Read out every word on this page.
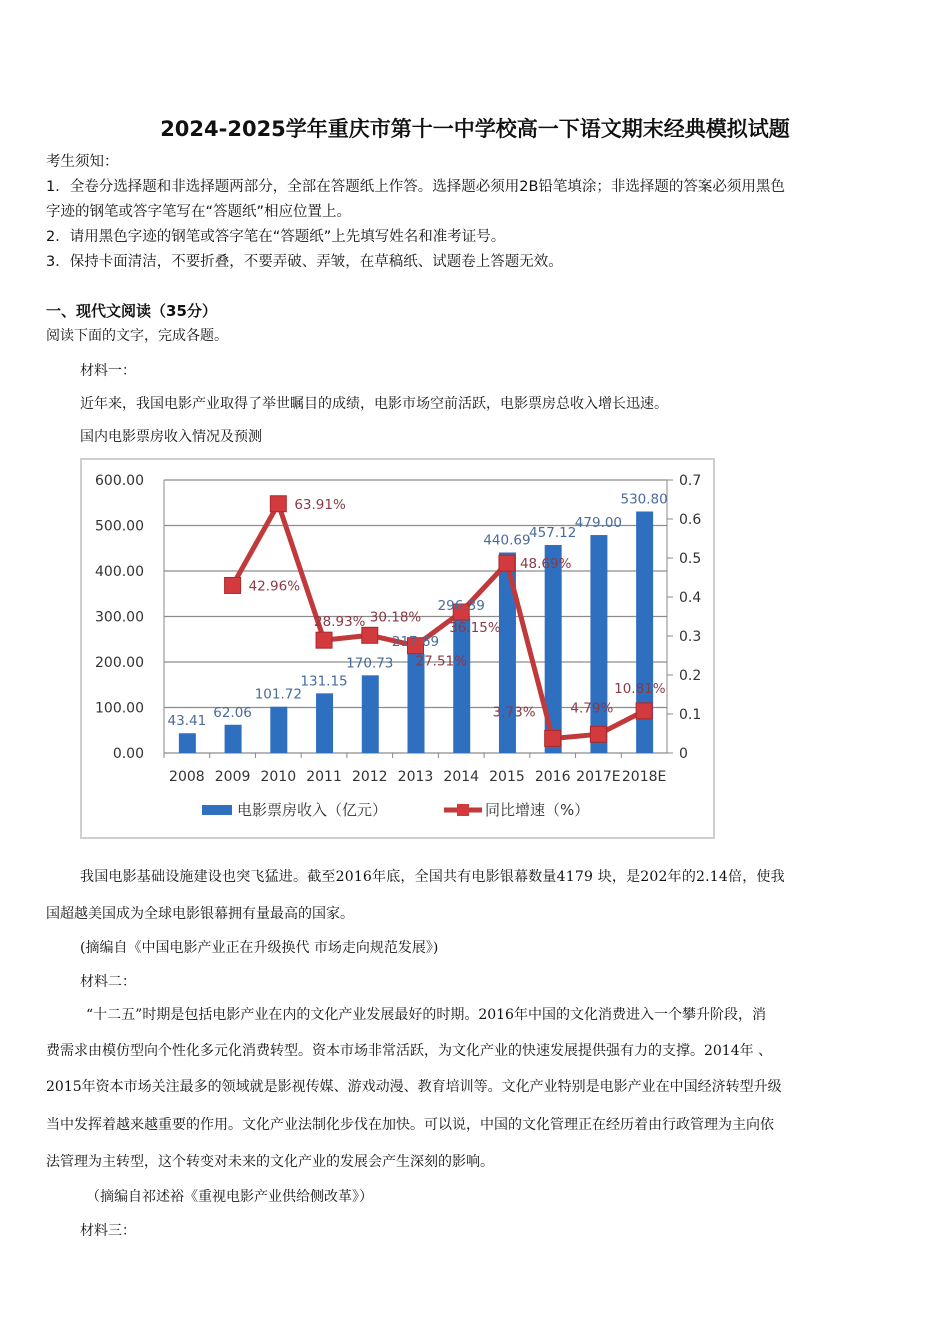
2024-2025学年重庆市第十一中学校高一下语文期末经典模拟试题
考生须知：
1．全卷分选择题和非选择题两部分，全部在答题纸上作答。选择题必须用2B铅笔填涂；非选择题的答案必须用黑色
字迹的钢笔或答字笔写在“答题纸”相应位置上。
2．请用黑色字迹的钢笔或答字笔在“答题纸”上先填写姓名和准考证号。
3．保持卡面清洁，不要折叠，不要弄破、弄皱，在草稿纸、试题卷上答题无效。
一、现代文阅读（35分）
阅读下面的文字，完成各题。
材料一：
近年来，我国电影产业取得了举世瞩目的成绩，电影市场空前活跃，电影票房总收入增长迅速。
国内电影票房收入情况及预测
0.00
100.00
200.00
300.00
400.00
500.00
600.00
0
0.1
0.2
0.3
0.4
0.5
0.6
0.7
2008 2009 2010 2011 2012 2013 2014 2015 2016 2017E 2018E
43.41
62.06
101.72
131.15
170.73
217.69
296.39
440.69
457.12
479.00
530.80
42.96%
63.91%
28.93% 30.18%
27.51%
36.15%
48.69%
3.73%	4.79%
10.81%
电影票房收入（亿元）	同比增速（%）
我国电影基础设施建设也突飞猛进。截至2016年底，全国共有电影银幕数量4179 块，是202年的2.14倍，使我
国超越美国成为全球电影银幕拥有量最高的国家。
(摘编自《中国电影产业正在升级换代 市场走向规范发展》)
材料二：
“十二五”时期是包括电影产业在内的文化产业发展最好的时期。2016年中国的文化消费进入一个攀升阶段，消
费需求由模仿型向个性化多元化消费转型。资本市场非常活跃，为文化产业的快速发展提供强有力的支撑。2014年 、
2015年资本市场关注最多的领域就是影视传媒、游戏动漫、教育培训等。文化产业特别是电影产业在中国经济转型升级
当中发挥着越来越重要的作用。文化产业法制化步伐在加快。可以说，中国的文化管理正在经历着由行政管理为主向依
法管理为主转型，这个转变对未来的文化产业的发展会产生深刻的影响。
（摘编自祁述裕《重视电影产业供给侧改革》）
材料三：
